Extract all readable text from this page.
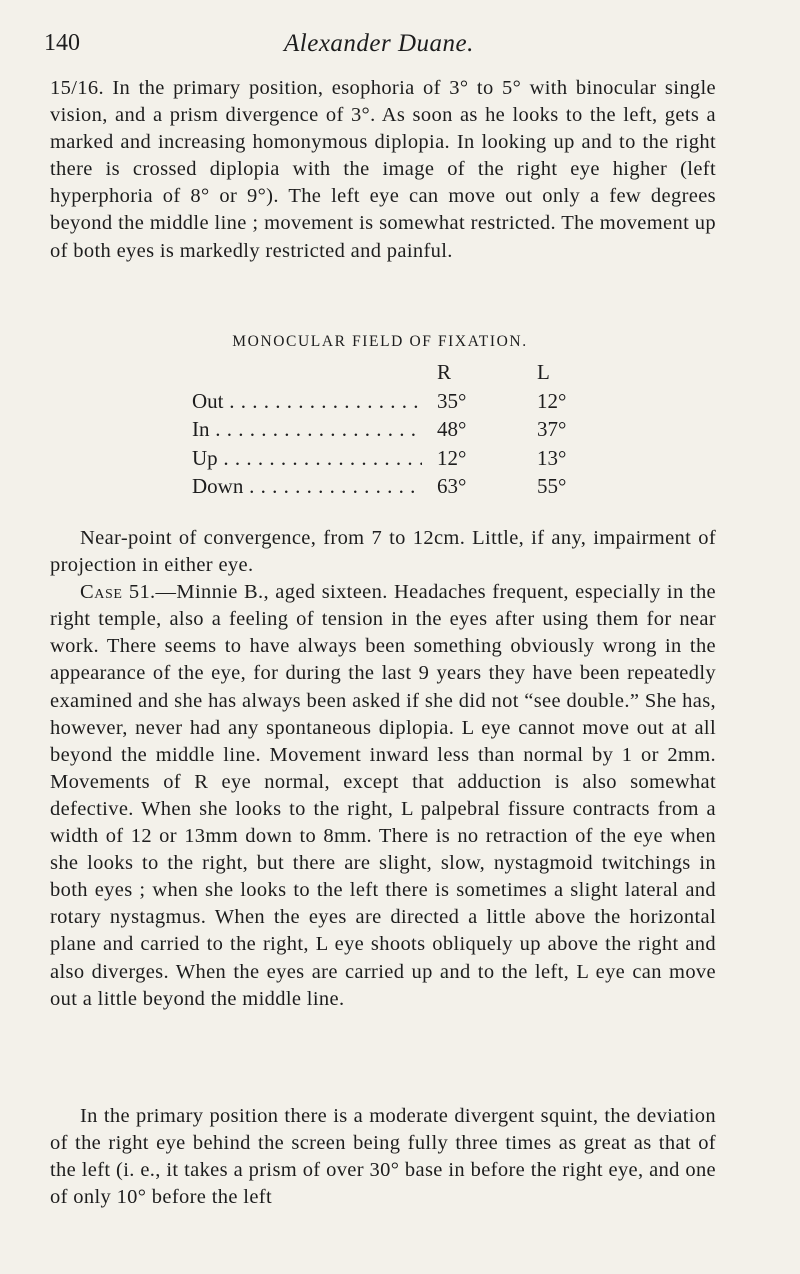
140	Alexander Duane.
15/16. In the primary position, esophoria of 3° to 5° with binocular single vision, and a prism divergence of 3°. As soon as he looks to the left, gets a marked and increasing homonymous diplopia. In looking up and to the right there is crossed diplopia with the image of the right eye higher (left hyperphoria of 8° or 9°). The left eye can move out only a few degrees beyond the middle line ; movement is somewhat restricted. The movement up of both eyes is markedly restricted and painful.
MONOCULAR FIELD OF FIXATION.
R	L
Out . . .	35°	12°
In . . .	48°	37°
Up . . .	12°	13°
Down . . .	63°	55°
Near-point of convergence, from 7 to 12cm. Little, if any, impairment of projection in either eye.
Case 51.—Minnie B., aged sixteen. Headaches frequent, especially in the right temple, also a feeling of tension in the eyes after using them for near work. There seems to have always been something obviously wrong in the appearance of the eye, for during the last 9 years they have been repeatedly examined and she has always been asked if she did not “see double.” She has, however, never had any spontaneous diplopia. L eye cannot move out at all beyond the middle line. Movement inward less than normal by 1 or 2mm. Movements of R eye normal, except that adduction is also somewhat defective. When she looks to the right, L palpebral fissure contracts from a width of 12 or 13mm down to 8mm. There is no retraction of the eye when she looks to the right, but there are slight, slow, nystagmoid twitchings in both eyes ; when she looks to the left there is sometimes a slight lateral and rotary nystagmus. When the eyes are directed a little above the horizontal plane and carried to the right, L eye shoots obliquely up above the right and also diverges. When the eyes are carried up and to the left, L eye can move out a little beyond the middle line.
In the primary position there is a moderate divergent squint, the deviation of the right eye behind the screen being fully three times as great as that of the left (i. e., it takes a prism of over 30° base in before the right eye, and one of only 10° before the left
